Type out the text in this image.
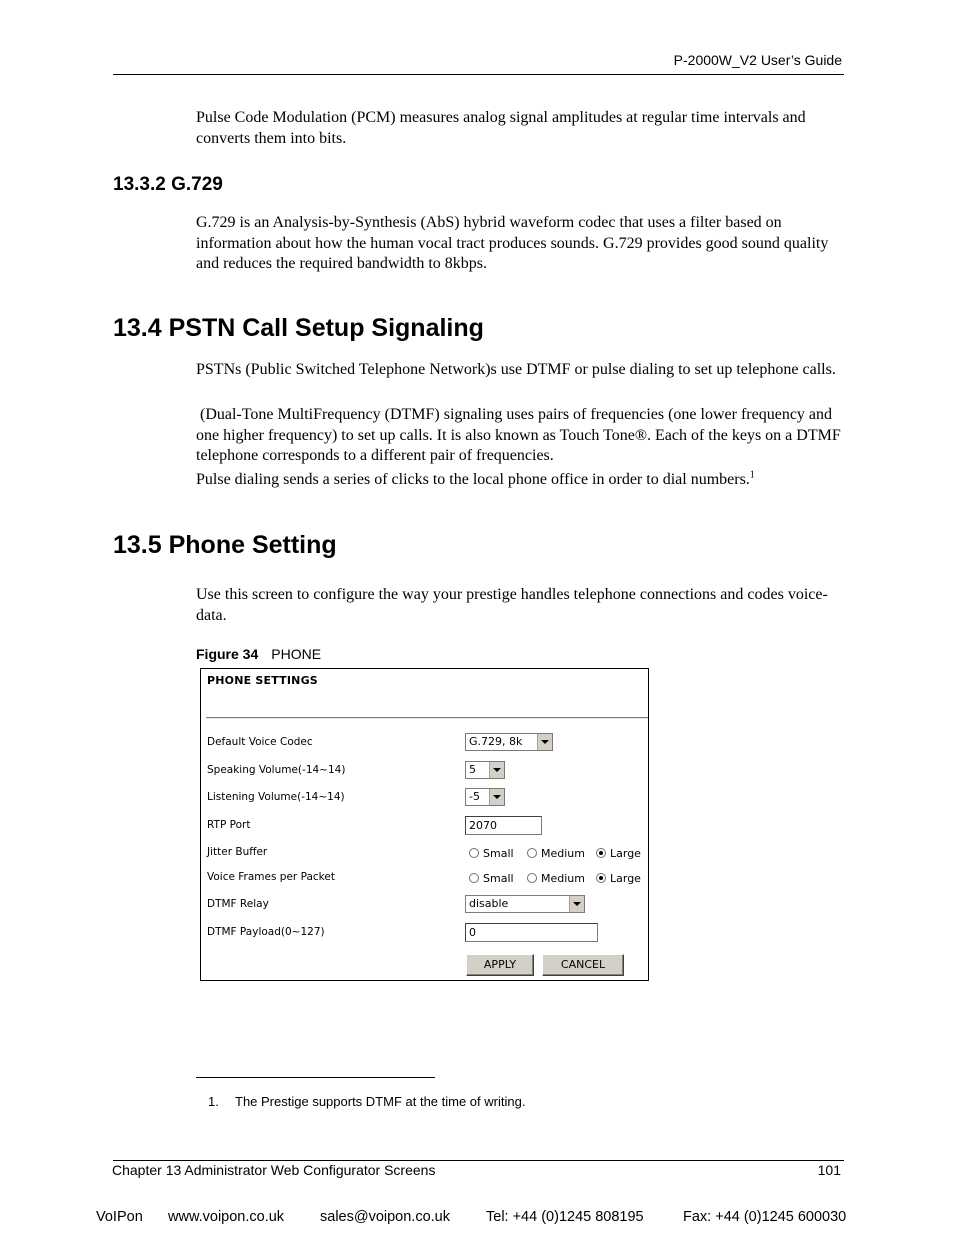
P-2000W_V2 User’s Guide
Pulse Code Modulation (PCM) measures analog signal amplitudes at regular time intervals and converts them into bits.
13.3.2 G.729
G.729 is an Analysis-by-Synthesis (AbS) hybrid waveform codec that uses a filter based on information about how the human vocal tract produces sounds. G.729 provides good sound quality and reduces the required bandwidth to 8kbps.
13.4 PSTN Call Setup Signaling
PSTNs (Public Switched Telephone Network)s use DTMF or pulse dialing to set up telephone calls.
(Dual-Tone MultiFrequency (DTMF) signaling uses pairs of frequencies (one lower frequency and one higher frequency) to set up calls. It is also known as Touch Tone®. Each of the keys on a DTMF telephone corresponds to a different pair of frequencies.
Pulse dialing sends a series of clicks to the local phone office in order to dial numbers.$^1$
13.5 Phone Setting
Use this screen to configure the way your prestige handles telephone connections and codes voice-data.
Figure 34 PHONE
PHONE SETTINGS
Default Voice Codec	G.729, 8k
Speaking Volume(-14~14)	5
Listening Volume(-14~14)	-5
RTP Port	2070
Jitter Buffer	Small	Medium	Large
Voice Frames per Packet	Small	Medium	Large
DTMF Relay	disable
DTMF Payload(0~127)	0
APPLY	CANCEL
1. The Prestige supports DTMF at the time of writing.
Chapter 13 Administrator Web Configurator Screens	101
VoIPon www.voipon.co.uk sales@voipon.co.uk Tel: +44 (0)1245 808195	Fax: +44 (0)1245 600030
